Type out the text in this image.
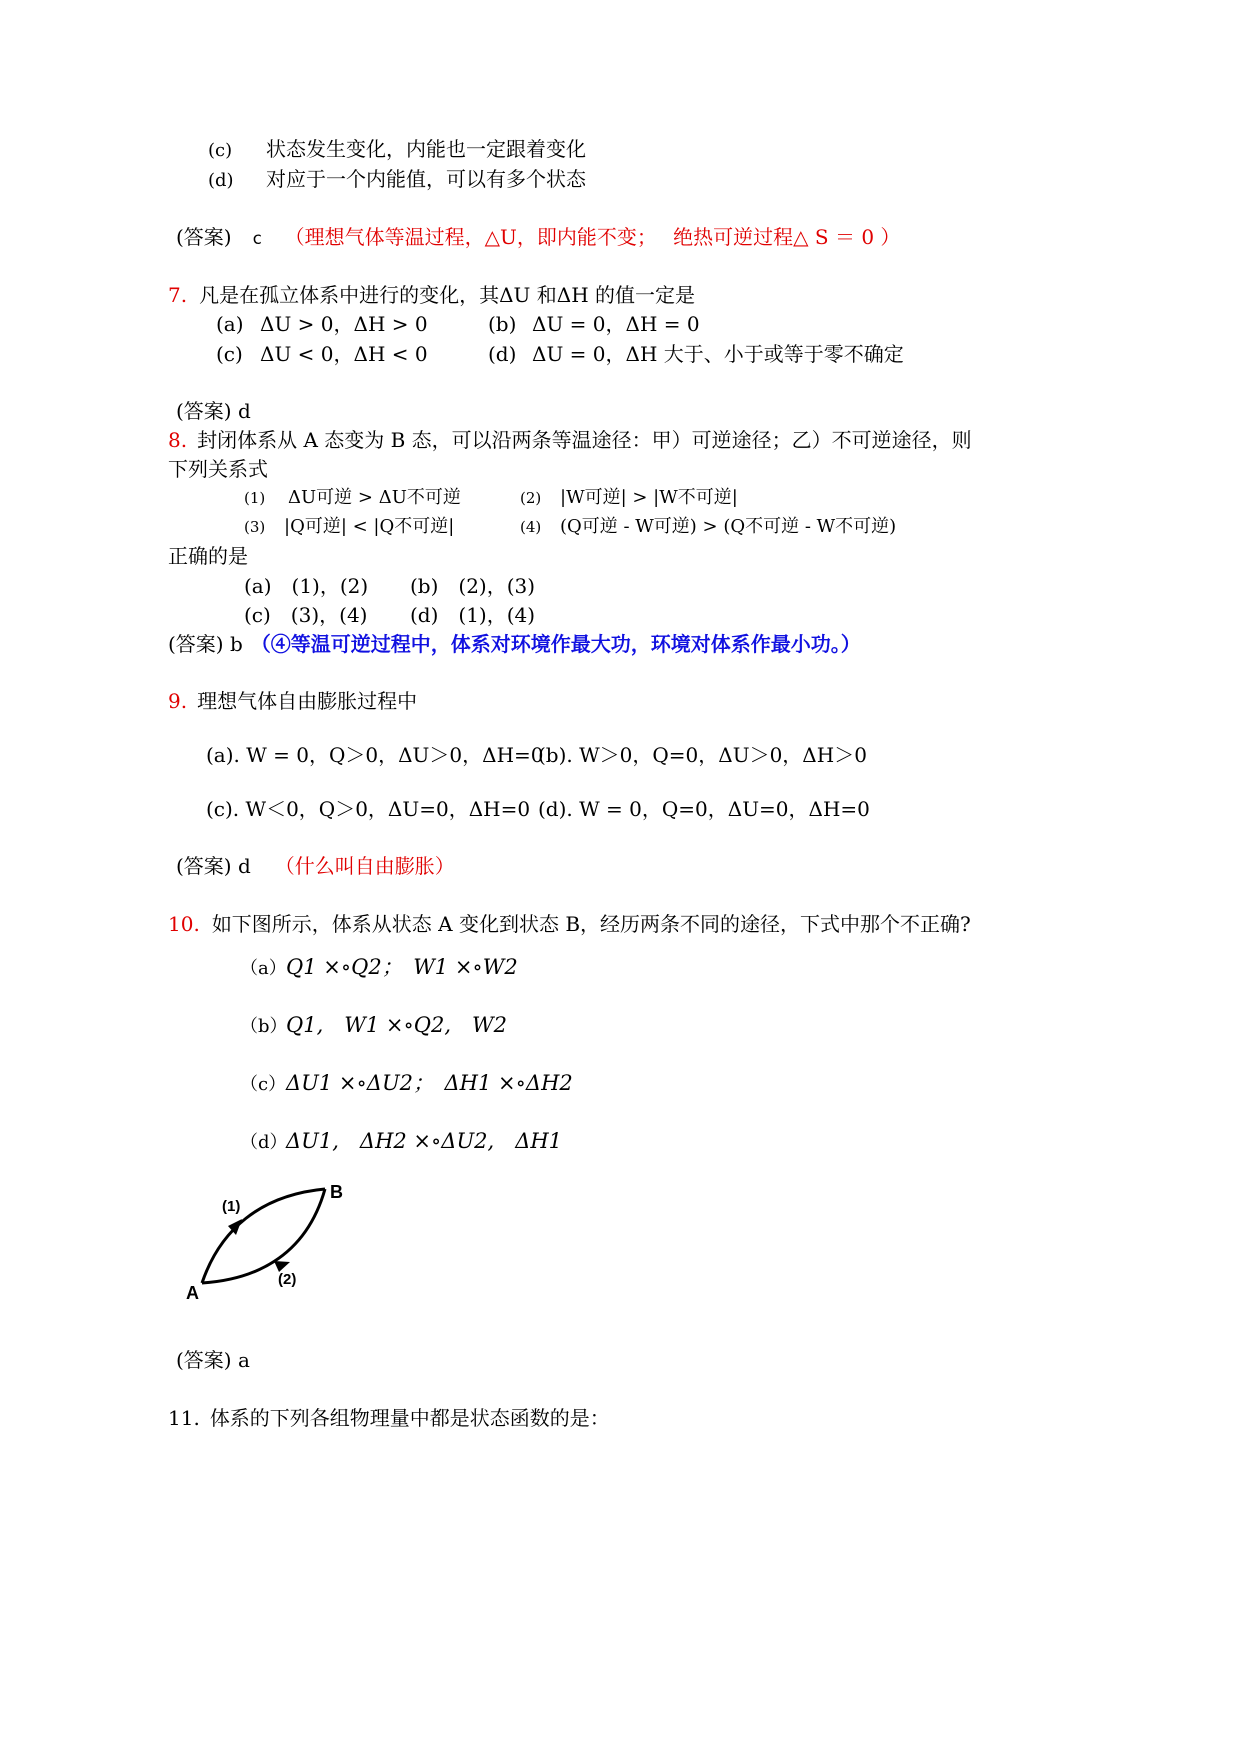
(c) 状态发生变化，内能也一定跟着变化
(d) 对应于一个内能值，可以有多个状态
(答案) c （理想气体等温过程，△U，即内能不变；　 绝热可逆过程△ S ＝ 0 ）
7. 凡是在孤立体系中进行的变化，其ΔU 和ΔH 的值一定是
(a) ΔU > 0，ΔH > 0	(b) ΔU = 0，ΔH = 0
(c) ΔU < 0，ΔH < 0	(d) ΔU = 0，ΔH 大于、小于或等于零不确定
(答案) d
8. 封闭体系从 A 态变为 B 态，可以沿两条等温途径：甲）可逆途径；乙）不可逆途径，则
下列关系式
(1) ΔU可逆 > ΔU不可逆	(2) |W可逆| > |W不可逆|
(3) |Q可逆| < |Q不可逆|	(4) (Q可逆 - W可逆) > (Q不可逆 - W不可逆)
正确的是
(a)　(1)，(2) (b)　(2)，(3)
(c)　(3)，(4) (d)　(1)，(4)
(答案) b （④等温可逆过程中，体系对环境作最大功，环境对体系作最小功。）
9. 理想气体自由膨胀过程中
(a). W = 0，Q＞0，ΔU＞0，ΔH=0
(b). W＞0，Q=0，ΔU＞0，ΔH＞0
(c). W＜0，Q＞0，ΔU=0，ΔH=0 (d). W = 0，Q=0，ΔU=0，ΔH=0
(答案) d （什么叫自由膨胀）
10. 如下图所示，体系从状态 A 变化到状态 B，经历两条不同的途径，下式中那个不正确?
（a）Q1 ×∘Q2；　W1 ×∘W2
（b）Q1,　W1 ×∘Q2,　W2
（c）ΔU1 ×∘ΔU2；　ΔH1 ×∘ΔH2
（d）ΔU1,　ΔH2 ×∘ΔU2,　ΔH1
A
B
(1)
(2)
(答案) a
11. 体系的下列各组物理量中都是状态函数的是：
